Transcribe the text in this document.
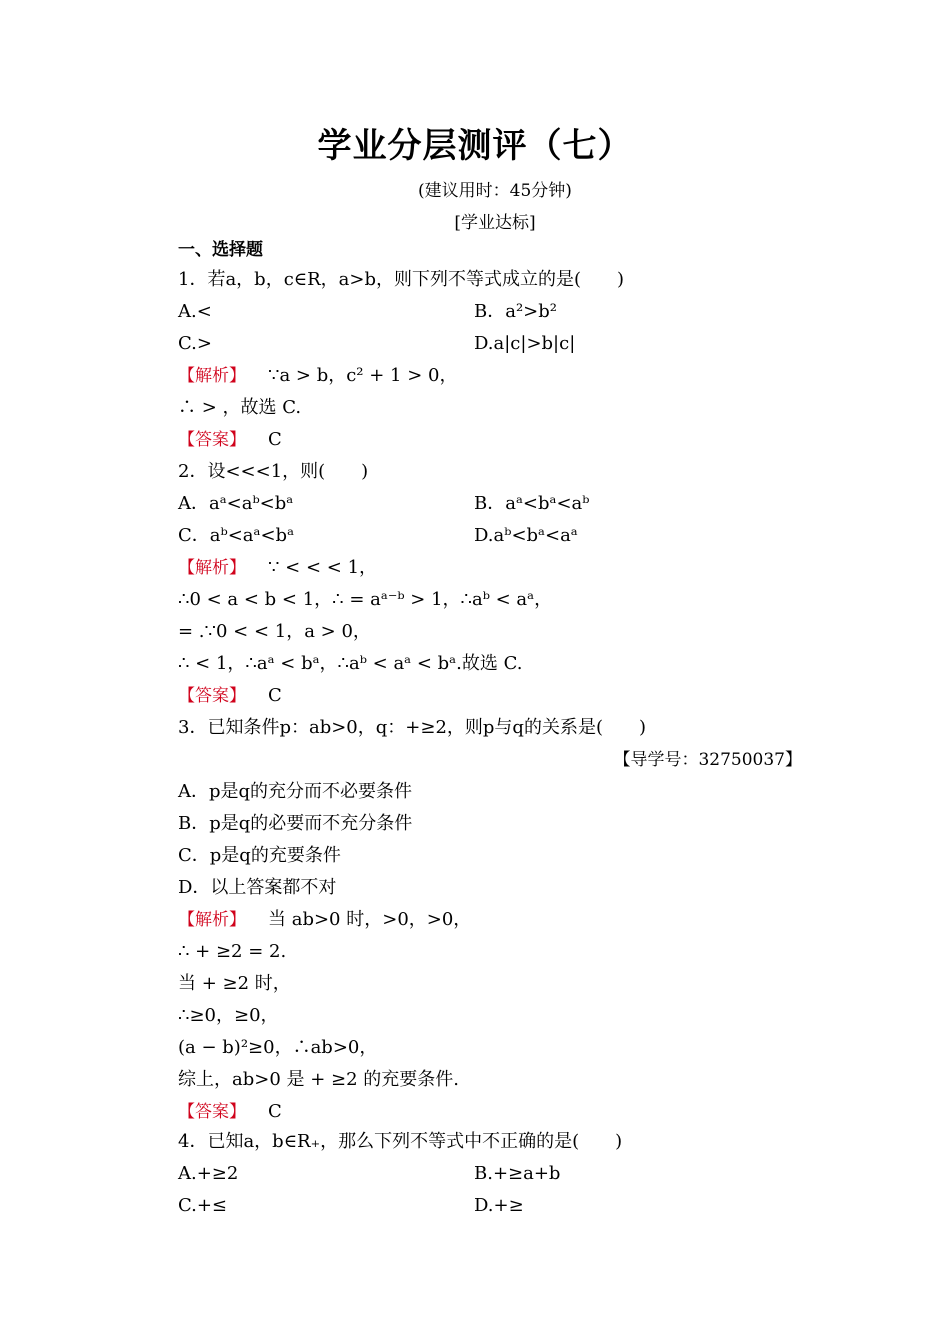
学业分层测评（七）
(建议用时：45分钟)
[学业达标]
一、选择题
1．若a，b，c∈R，a>b，则下列不等式成立的是(　　)
A.<	B．a²>b²
C.>	D.a|c|>b|c|
【解析】 ∵a > b，c² + 1 > 0，
∴ > ，故选 C.
【答案】 C
2．设<<<1，则(　　)
A．aᵃ<aᵇ<bᵃ	B．aᵃ<bᵃ<aᵇ
C．aᵇ<aᵃ<bᵃ	D.aᵇ<bᵃ<aᵃ
【解析】 ∵ < < < 1，
∴0 < a < b < 1，∴ = aᵃ⁻ᵇ > 1，∴aᵇ < aᵃ，
= .∵0 < < 1，a > 0，
∴ < 1，∴aᵃ < bᵃ，∴aᵇ < aᵃ < bᵃ.故选 C.
【答案】 C
3．已知条件p：ab>0，q：+≥2，则p与q的关系是(　　)
【导学号：32750037】
A．p是q的充分而不必要条件
B．p是q的必要而不充分条件
C．p是q的充要条件
D．以上答案都不对
【解析】 当 ab>0 时，>0，>0，
∴ + ≥2 = 2.
当 + ≥2 时，
∴≥0，≥0，
(a − b)²≥0，∴ab>0，
综上，ab>0 是 + ≥2 的充要条件.
【答案】 C
4．已知a，b∈R₊，那么下列不等式中不正确的是(　　)
A.+≥2	B.+≥a+b
C.+≤	D.+≥
